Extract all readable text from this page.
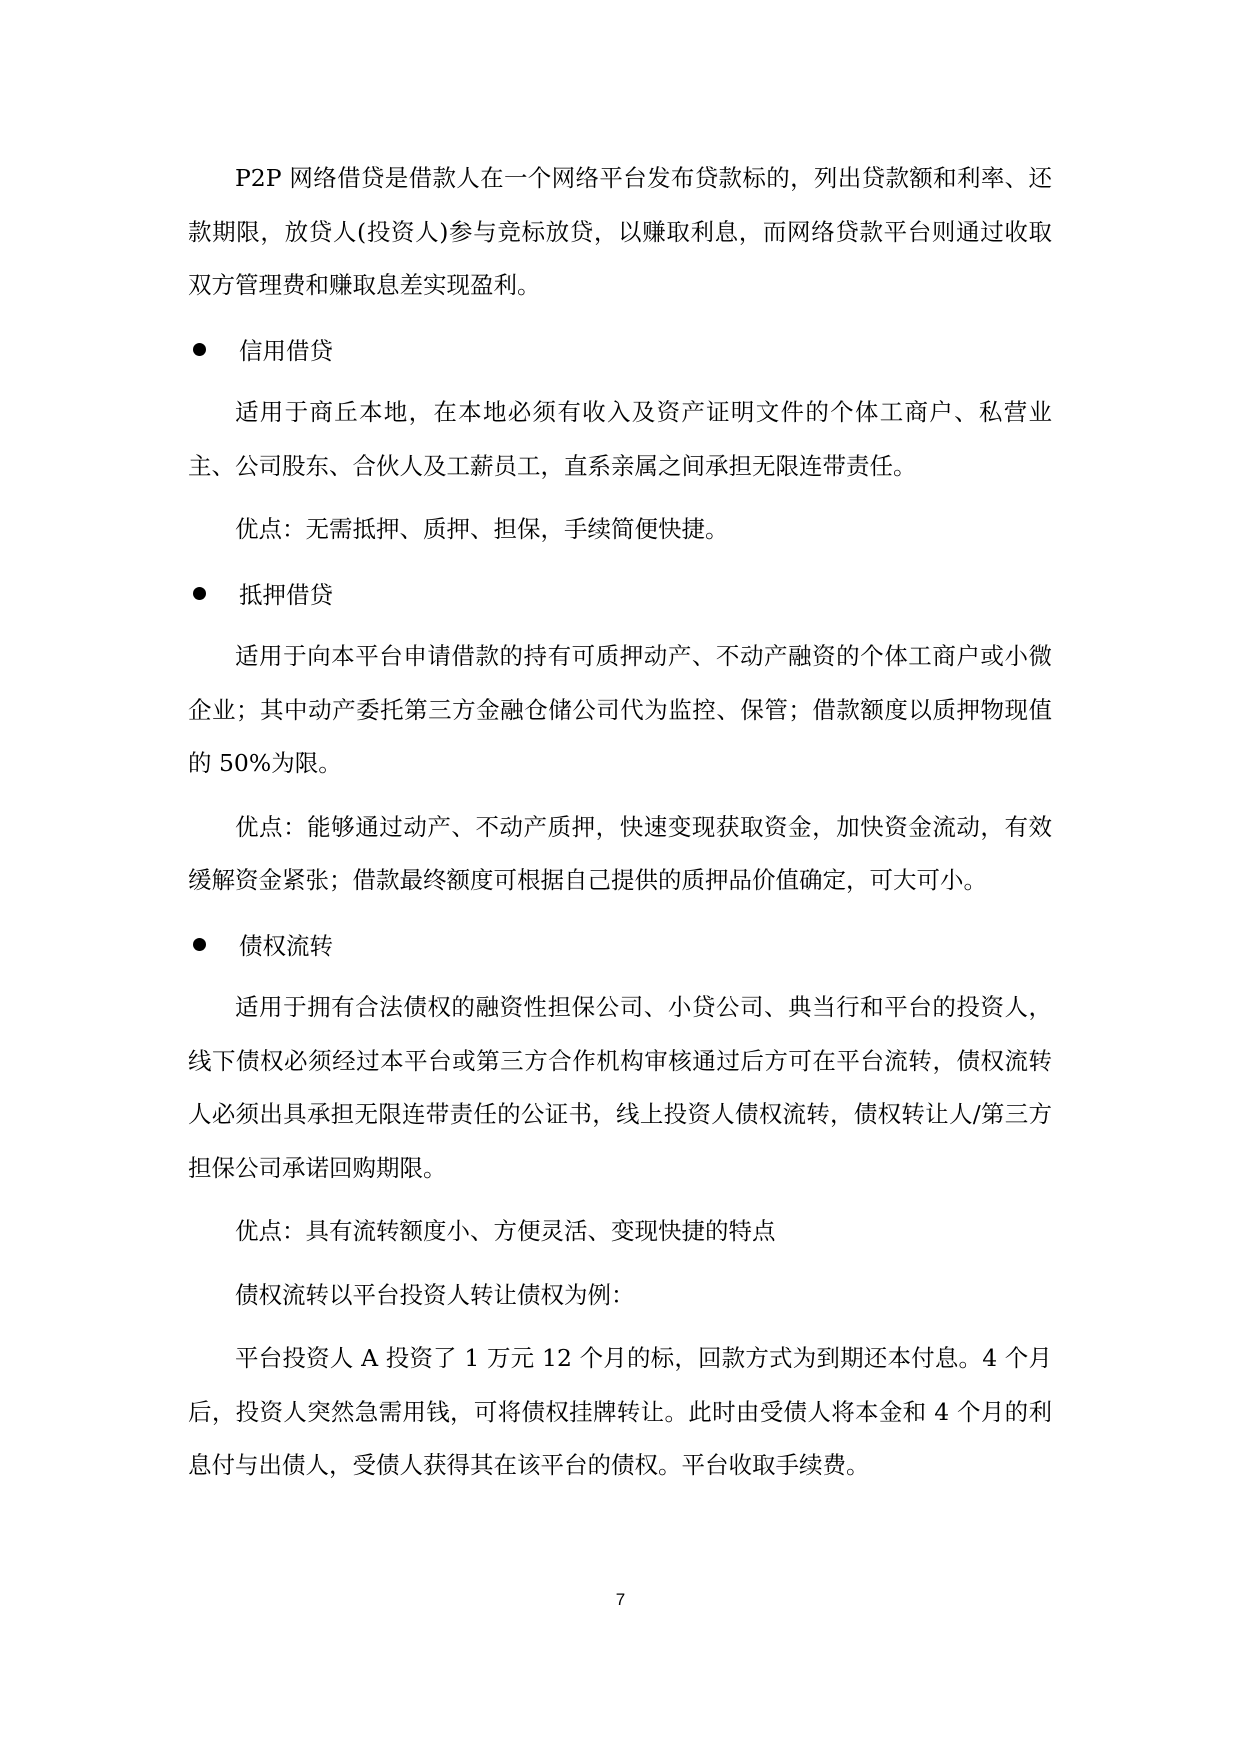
P2P 网络借贷是借款人在一个网络平台发布贷款标的，列出贷款额和利率、还款期限，放贷人(投资人)参与竞标放贷，以赚取利息，而网络贷款平台则通过收取双方管理费和赚取息差实现盈利。

信用借贷

适用于商丘本地，在本地必须有收入及资产证明文件的个体工商户、私营业主、公司股东、合伙人及工薪员工，直系亲属之间承担无限连带责任。

优点：无需抵押、质押、担保，手续简便快捷。

抵押借贷

适用于向本平台申请借款的持有可质押动产、不动产融资的个体工商户或小微企业；其中动产委托第三方金融仓储公司代为监控、保管；借款额度以质押物现值的 50%为限。

优点：能够通过动产、不动产质押，快速变现获取资金，加快资金流动，有效缓解资金紧张；借款最终额度可根据自己提供的质押品价值确定，可大可小。

债权流转

适用于拥有合法债权的融资性担保公司、小贷公司、典当行和平台的投资人，线下债权必须经过本平台或第三方合作机构审核通过后方可在平台流转，债权流转人必须出具承担无限连带责任的公证书，线上投资人债权流转，债权转让人/第三方担保公司承诺回购期限。

优点：具有流转额度小、方便灵活、变现快捷的特点

债权流转以平台投资人转让债权为例：

平台投资人 A 投资了 1 万元 12 个月的标，回款方式为到期还本付息。4 个月后，投资人突然急需用钱，可将债权挂牌转让。此时由受债人将本金和 4 个月的利息付与出债人，受债人获得其在该平台的债权。平台收取手续费。

7
